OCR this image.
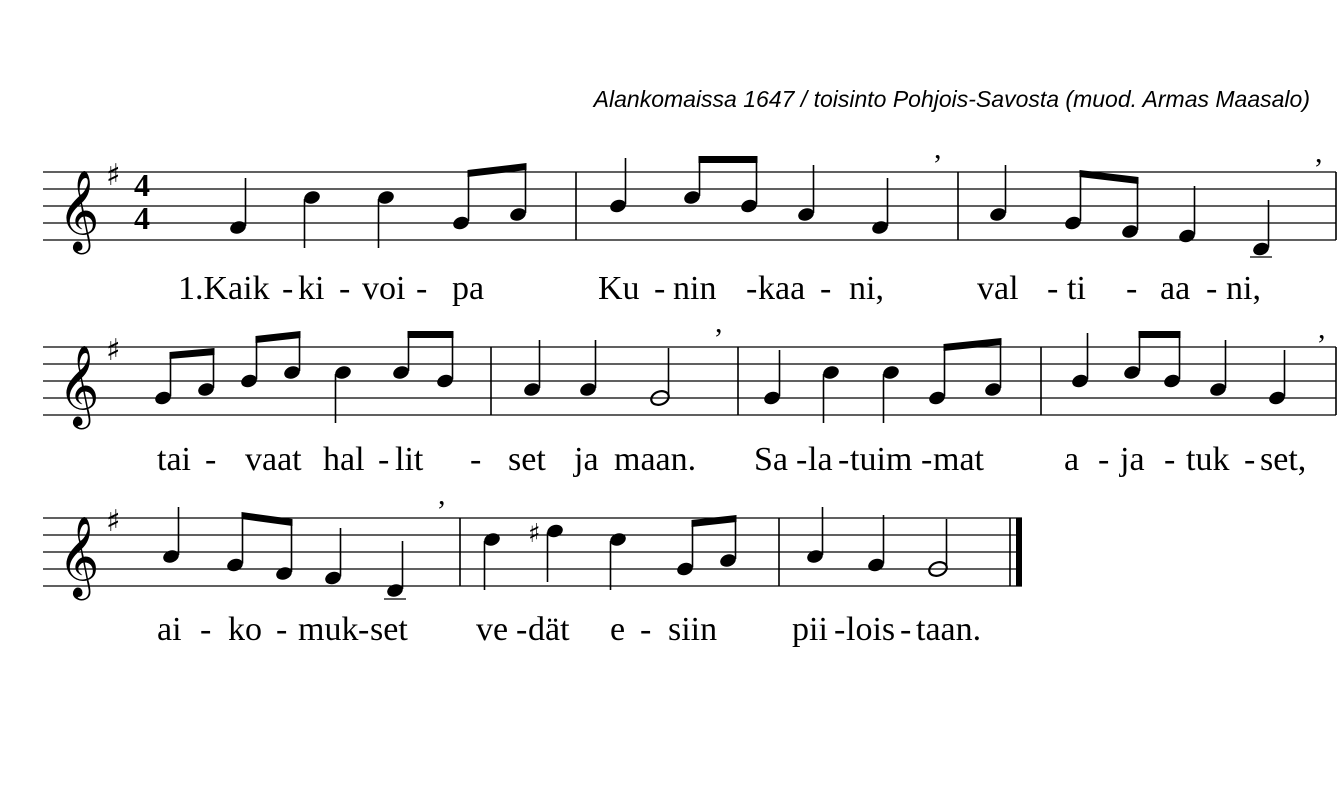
Alankomaissa 1647 / toisinto Pohjois-Savosta (muod. Armas Maasalo)
𝄞 ♯ 4
4
,	,
1.Kaik - ki - voi - pa	Ku - nin - kaa - ni,	val - ti - aa - ni,
𝄞 ♯
,	,
tai - vaat hal - lit - set ja maan. Sa - la - tuim - mat a - ja - tuk - set,
𝄞 ♯
,
♯
ai - ko - muk - set ve - dät e - siin pii - lois - taan.
